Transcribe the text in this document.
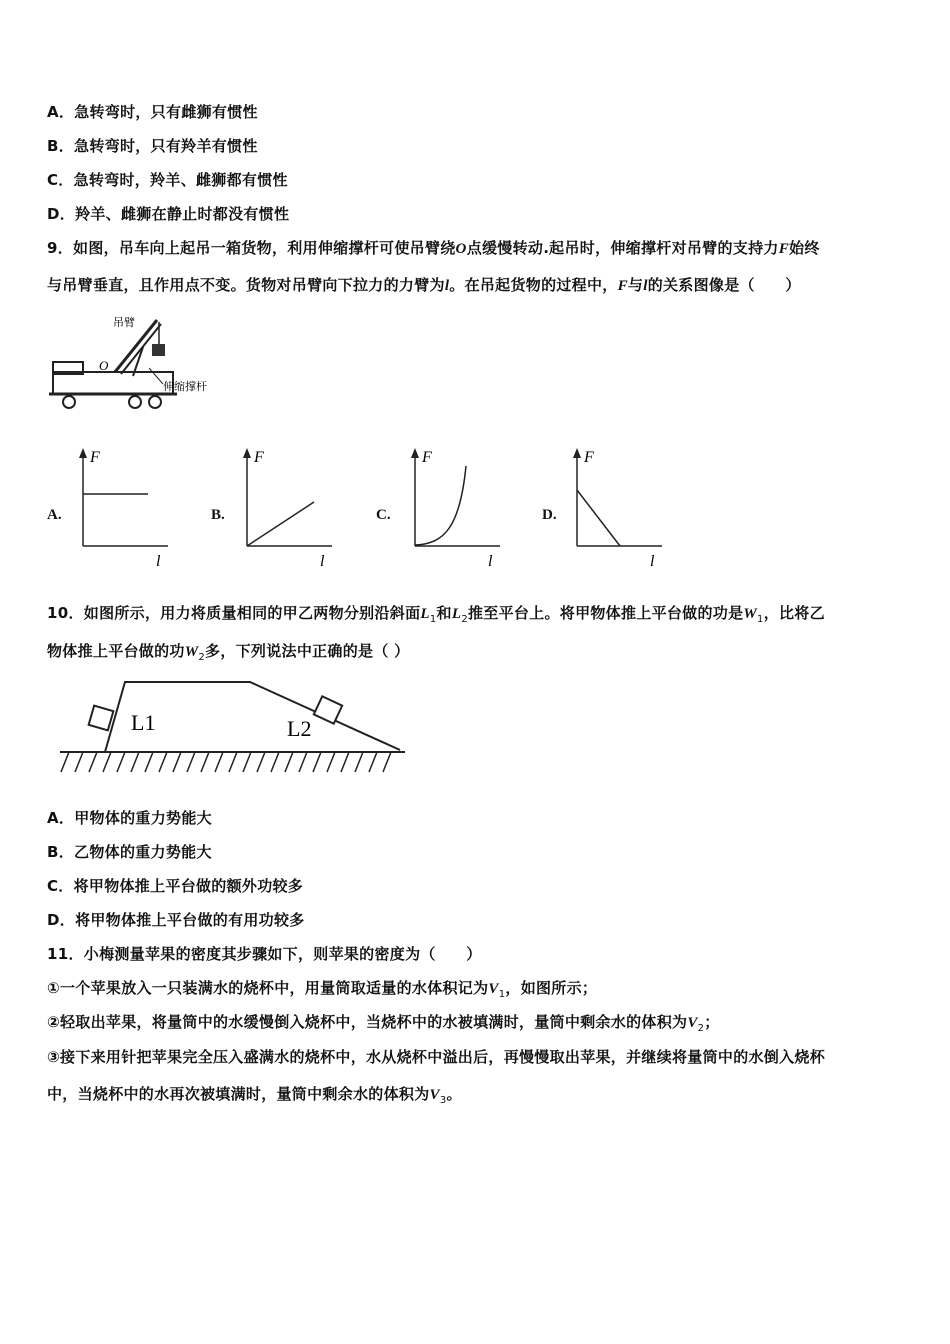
A．急转弯时，只有雌狮有惯性
B．急转弯时，只有羚羊有惯性
C．急转弯时，羚羊、雌狮都有惯性
D．羚羊、雌狮在静止时都没有惯性
9．如图，吊车向上起吊一箱货物，利用伸缩撑杆可使吊臂绕O点缓慢转动.起吊时，伸缩撑杆对吊臂的支持力F始终
与吊臂垂直，且作用点不变。货物对吊臂向下拉力的力臂为l。在吊起货物的过程中，F与l的关系图像是（　　）
吊臂
O
伸缩撑杆
A.
F
l
B.
F
l
C.
F
l
D.
F
l
10．如图所示，用力将质量相同的甲乙两物分别沿斜面$L_1$和$L_2$推至平台上。将甲物体推上平台做的功是$W_1$，比将乙
物体推上平台做的功$W_2$多，下列说法中正确的是（ ）
L1	L2
A．甲物体的重力势能大
B．乙物体的重力势能大
C．将甲物体推上平台做的额外功较多
D．将甲物体推上平台做的有用功较多
11．小梅测量苹果的密度其步骤如下，则苹果的密度为（　　）
①一个苹果放入一只装满水的烧杯中，用量筒取适量的水体积记为$V_1$，如图所示；
②轻取出苹果，将量筒中的水缓慢倒入烧杯中，当烧杯中的水被填满时，量筒中剩余水的体积为$V_2$；
③接下来用针把苹果完全压入盛满水的烧杯中，水从烧杯中溢出后，再慢慢取出苹果，并继续将量筒中的水倒入烧杯
中，当烧杯中的水再次被填满时，量筒中剩余水的体积为$V_3$。
